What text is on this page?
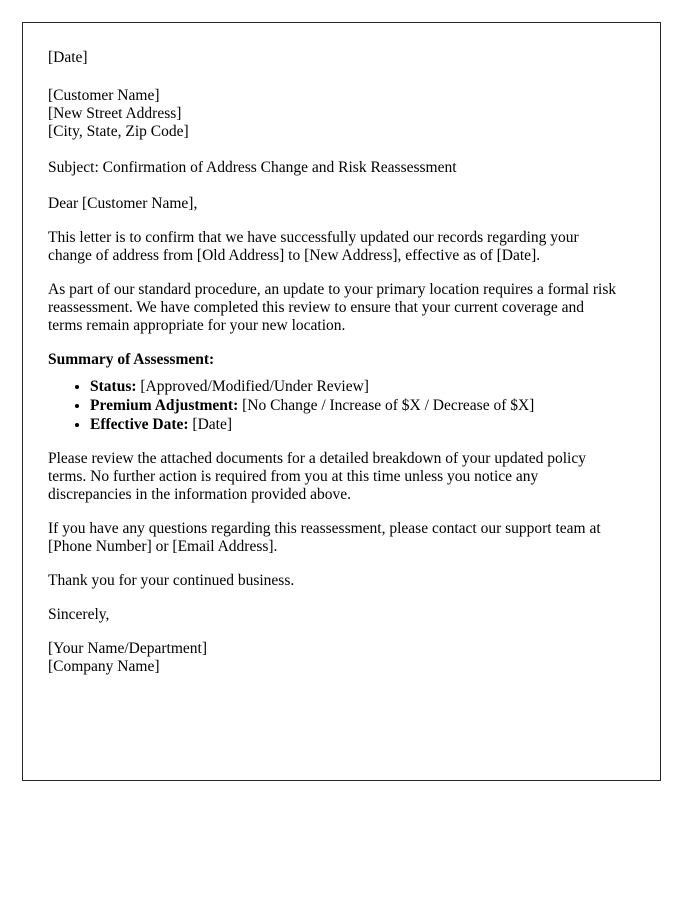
[Date]
[Customer Name]
[New Street Address]
[City, State, Zip Code]
Subject: Confirmation of Address Change and Risk Reassessment
Dear [Customer Name],

This letter is to confirm that we have successfully updated our records regarding your change of address from [Old Address] to [New Address], effective as of [Date].

As part of our standard procedure, an update to your primary location requires a formal risk reassessment. We have completed this review to ensure that your current coverage and terms remain appropriate for your new location.

Summary of Assessment:
• Status: [Approved/Modified/Under Review]
• Premium Adjustment: [No Change / Increase of $X / Decrease of $X]
• Effective Date: [Date]

Please review the attached documents for a detailed breakdown of your updated policy terms. No further action is required from you at this time unless you notice any discrepancies in the information provided above.

If you have any questions regarding this reassessment, please contact our support team at [Phone Number] or [Email Address].

Thank you for your continued business.

Sincerely,

[Your Name/Department]
[Company Name]
